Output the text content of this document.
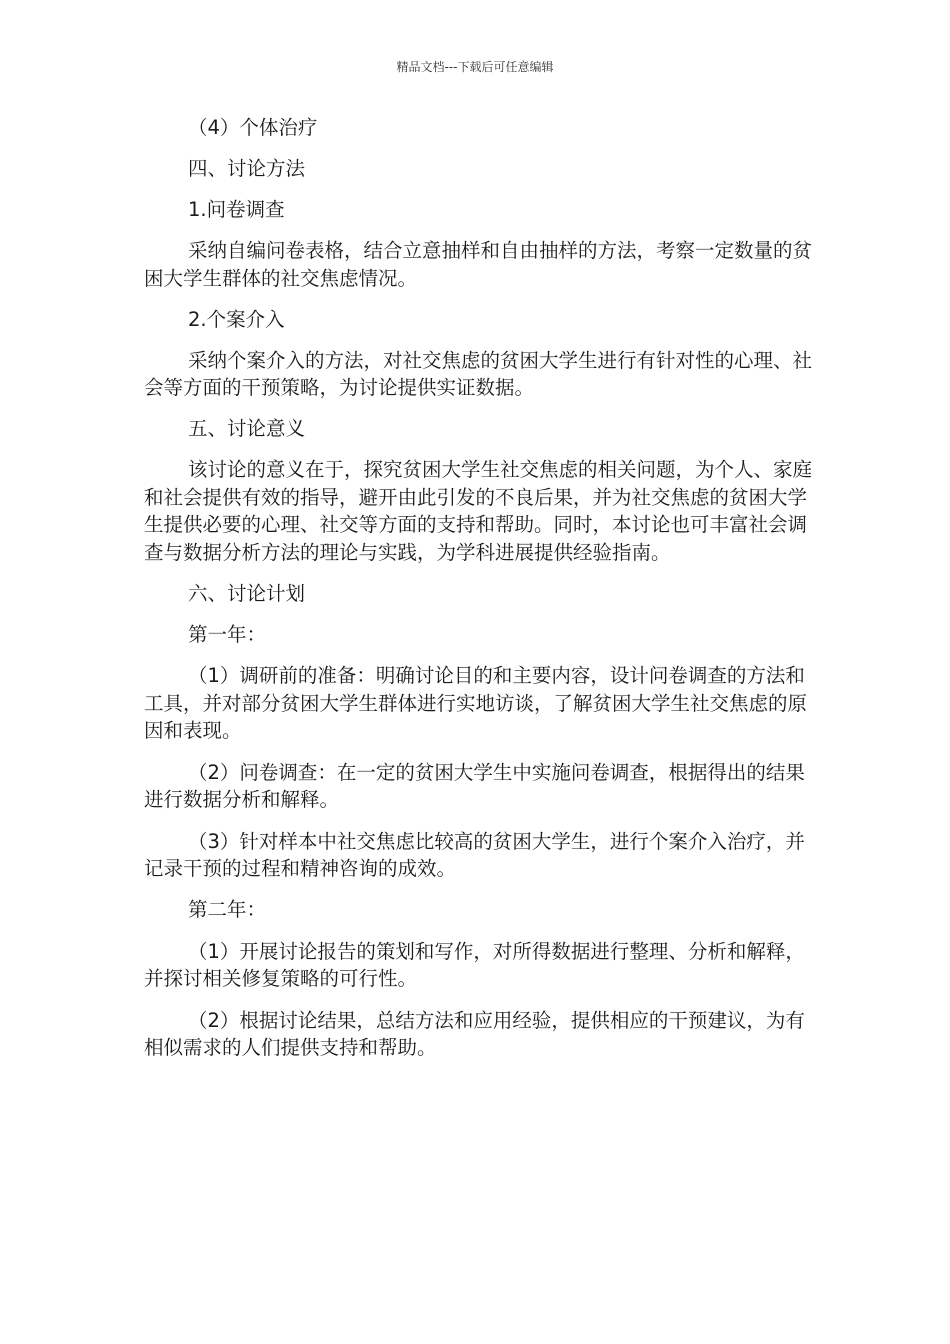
精品文档---下载后可任意编辑

（4）个体治疗

四、讨论方法

1.问卷调查

采纳自编问卷表格，结合立意抽样和自由抽样的方法，考察一定数量的贫困大学生群体的社交焦虑情况。

2.个案介入

采纳个案介入的方法，对社交焦虑的贫困大学生进行有针对性的心理、社会等方面的干预策略，为讨论提供实证数据。

五、讨论意义

该讨论的意义在于，探究贫困大学生社交焦虑的相关问题，为个人、家庭和社会提供有效的指导，避开由此引发的不良后果，并为社交焦虑的贫困大学生提供必要的心理、社交等方面的支持和帮助。同时，本讨论也可丰富社会调查与数据分析方法的理论与实践，为学科进展提供经验指南。

六、讨论计划

第一年：

（1）调研前的准备：明确讨论目的和主要内容，设计问卷调查的方法和工具，并对部分贫困大学生群体进行实地访谈，了解贫困大学生社交焦虑的原因和表现。

（2）问卷调查：在一定的贫困大学生中实施问卷调查，根据得出的结果进行数据分析和解释。

（3）针对样本中社交焦虑比较高的贫困大学生，进行个案介入治疗，并记录干预的过程和精神咨询的成效。

第二年：

（1）开展讨论报告的策划和写作，对所得数据进行整理、分析和解释，并探讨相关修复策略的可行性。

（2）根据讨论结果，总结方法和应用经验，提供相应的干预建议，为有相似需求的人们提供支持和帮助。
